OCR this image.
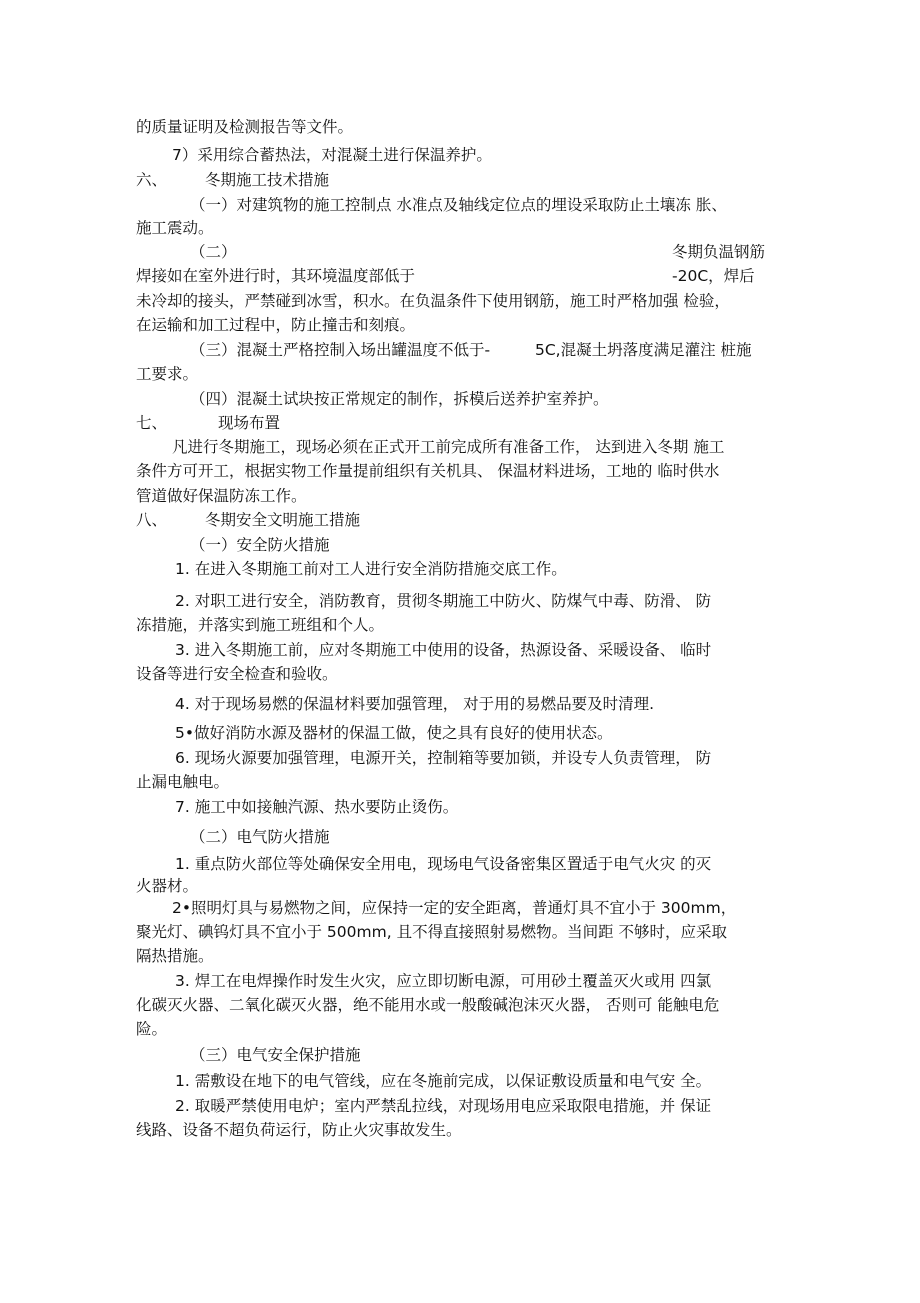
的质量证明及检测报告等文件。
7）采用综合蓄热法，对混凝土进行保温养护。
六、 冬期施工技术措施
（一）对建筑物的施工控制点 水准点及轴线定位点的埋设采取防止土壤冻 胀、
施工震动。
（二）	冬期负温钢筋
焊接如在室外进行时，其环境温度部低于	-20C，焊后
未冷却的接头，严禁碰到冰雪，积水。在负温条件下使用钢筋，施工时严格加强 检验，
在运输和加工过程中，防止撞击和刻痕。
（三）混凝土严格控制入场出罐温度不低于-	5C,混凝土坍落度满足灌注 桩施
工要求。
（四）混凝土试块按正常规定的制作，拆模后送养护室养护。
七、	现场布置
凡进行冬期施工，现场必须在正式开工前完成所有准备工作， 达到进入冬期 施工
条件方可开工，根据实物工作量提前组织有关机具、 保温材料进场，工地的 临时供水
管道做好保温防冻工作。
八、 冬期安全文明施工措施
（一）安全防火措施
1. 在进入冬期施工前对工人进行安全消防措施交底工作。
2. 对职工进行安全，消防教育，贯彻冬期施工中防火、防煤气中毒、防滑、 防
冻措施，并落实到施工班组和个人。
3. 进入冬期施工前，应对冬期施工中使用的设备，热源设备、采暖设备、 临时
设备等进行安全检查和验收。
4. 对于现场易燃的保温材料要加强管理， 对于用的易燃品要及时清理.
5•做好消防水源及器材的保温工做，使之具有良好的使用状态。
6. 现场火源要加强管理，电源开关，控制箱等要加锁，并设专人负责管理， 防
止漏电触电。
7. 施工中如接触汽源、热水要防止烫伤。
（二）电气防火措施
1. 重点防火部位等处确保安全用电，现场电气设备密集区置适于电气火灾 的灭
火器材。
2•照明灯具与易燃物之间，应保持一定的安全距离，普通灯具不宜小于 300mm，
聚光灯、碘钨灯具不宜小于 500mm, 且不得直接照射易燃物。当间距 不够时，应采取
隔热措施。
3. 焊工在电焊操作时发生火灾，应立即切断电源，可用砂土覆盖灭火或用 四氯
化碳灭火器、二氧化碳灭火器，绝不能用水或一般酸碱泡沫灭火器， 否则可 能触电危
险。
（三）电气安全保护措施
1. 需敷设在地下的电气管线，应在冬施前完成，以保证敷设质量和电气安 全。
2. 取暖严禁使用电炉；室内严禁乱拉线，对现场用电应采取限电措施，并 保证
线路、设备不超负荷运行，防止火灾事故发生。
